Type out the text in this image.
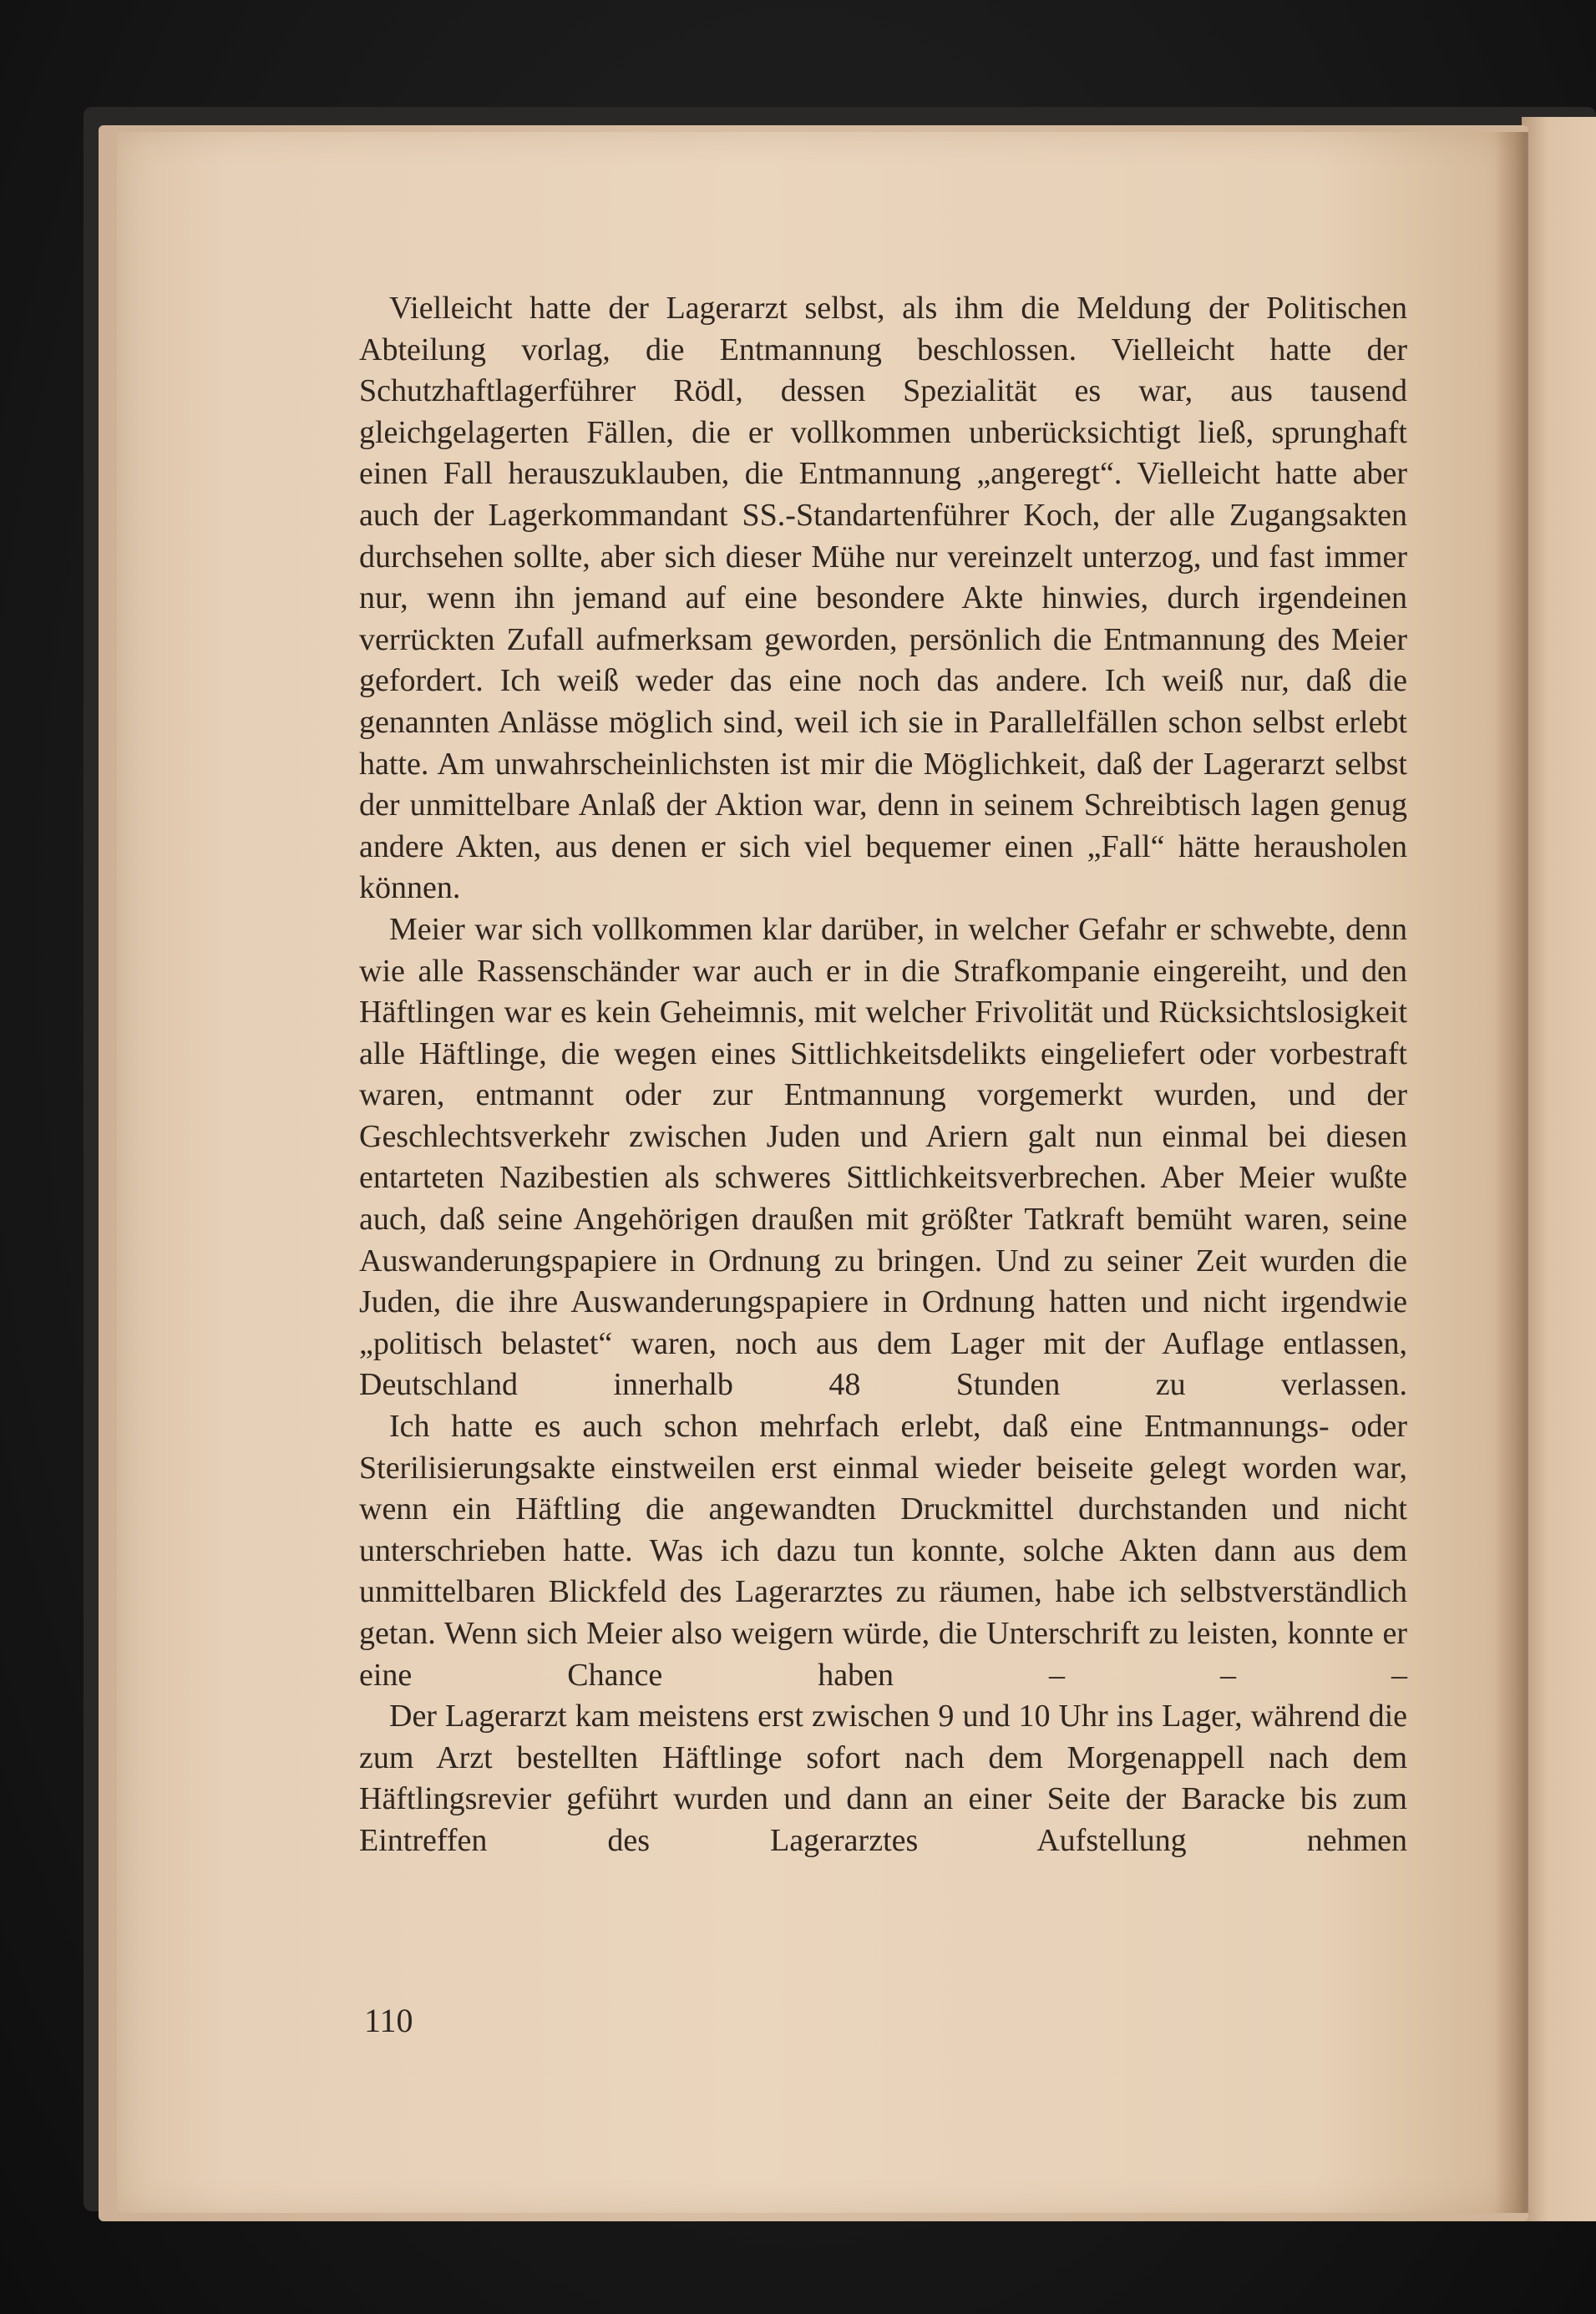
Vielleicht hatte der Lagerarzt selbst, als ihm die Meldung der Politischen Abteilung vorlag, die Entmannung beschlossen. Vielleicht hatte der Schutzhaftlagerführer Rödl, dessen Spezialität es war, aus tausend gleichgelagerten Fällen, die er vollkommen unberücksichtigt ließ, sprunghaft einen Fall herauszuklauben, die Entmannung „angeregt“. Vielleicht hatte aber auch der Lagerkommandant SS.-Standartenführer Koch, der alle Zugangsakten durchsehen sollte, aber sich dieser Mühe nur vereinzelt unterzog, und fast immer nur, wenn ihn jemand auf eine besondere Akte hinwies, durch irgendeinen verrückten Zufall aufmerksam geworden, persönlich die Entmannung des Meier gefordert. Ich weiß weder das eine noch das andere. Ich weiß nur, daß die genannten Anlässe möglich sind, weil ich sie in Parallelfällen schon selbst erlebt hatte. Am unwahrscheinlichsten ist mir die Möglichkeit, daß der Lagerarzt selbst der unmittelbare Anlaß der Aktion war, denn in seinem Schreibtisch lagen genug andere Akten, aus denen er sich viel bequemer einen „Fall“ hätte herausholen können.

Meier war sich vollkommen klar darüber, in welcher Gefahr er schwebte, denn wie alle Rassenschänder war auch er in die Strafkompanie eingereiht, und den Häftlingen war es kein Geheimnis, mit welcher Frivolität und Rücksichtslosigkeit alle Häftlinge, die wegen eines Sittlichkeitsdelikts eingeliefert oder vorbestraft waren, entmannt oder zur Entmannung vorgemerkt wurden, und der Geschlechtsverkehr zwischen Juden und Ariern galt nun einmal bei diesen entarteten Nazibestien als schweres Sittlichkeitsverbrechen. Aber Meier wußte auch, daß seine Angehörigen draußen mit größter Tatkraft bemüht waren, seine Auswanderungspapiere in Ordnung zu bringen. Und zu seiner Zeit wurden die Juden, die ihre Auswanderungspapiere in Ordnung hatten und nicht irgendwie „politisch belastet“ waren, noch aus dem Lager mit der Auflage entlassen, Deutschland innerhalb 48 Stunden zu verlassen.

Ich hatte es auch schon mehrfach erlebt, daß eine Entmannungs- oder Sterilisierungsakte einstweilen erst einmal wieder beiseite gelegt worden war, wenn ein Häftling die angewandten Druckmittel durchstanden und nicht unterschrieben hatte. Was ich dazu tun konnte, solche Akten dann aus dem unmittelbaren Blickfeld des Lagerarztes zu räumen, habe ich selbstverständlich getan. Wenn sich Meier also weigern würde, die Unterschrift zu leisten, konnte er eine Chance haben – – –

Der Lagerarzt kam meistens erst zwischen 9 und 10 Uhr ins Lager, während die zum Arzt bestellten Häftlinge sofort nach dem Morgenappell nach dem Häftlingsrevier geführt wurden und dann an einer Seite der Baracke bis zum Eintreffen des Lagerarztes Aufstellung nehmen

110
